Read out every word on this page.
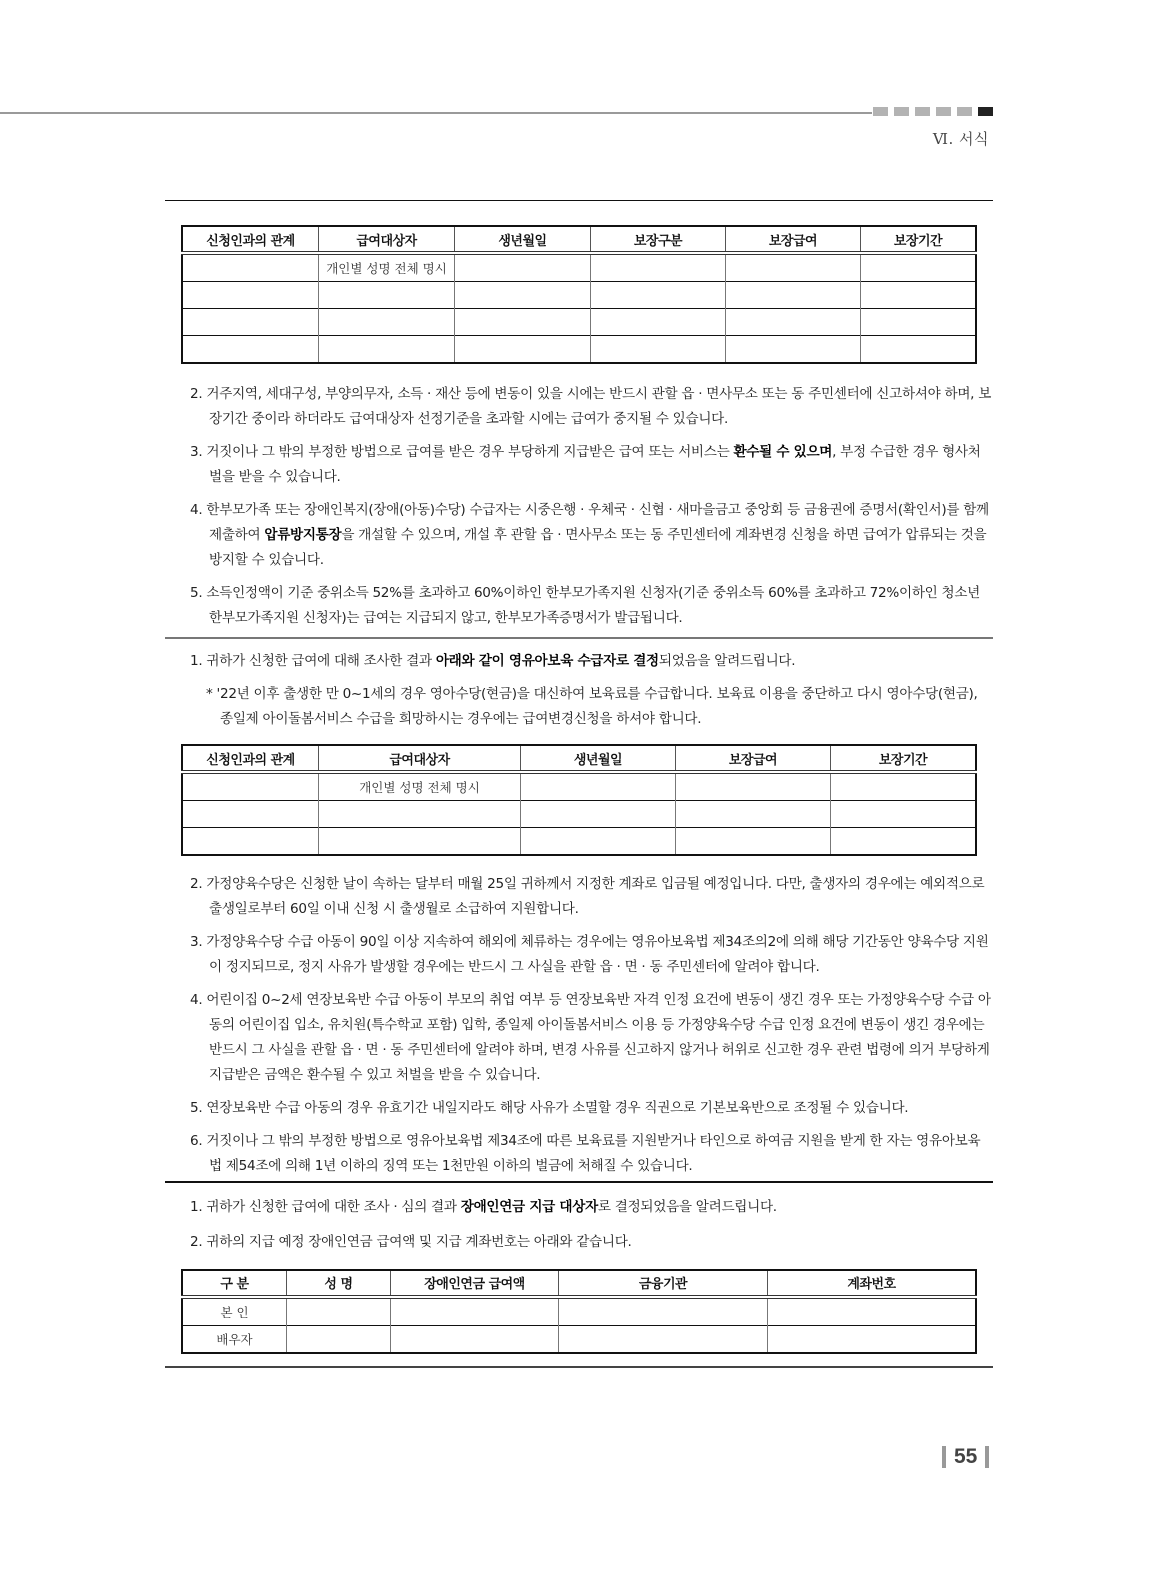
Ⅵ. 서식
신청인과의 관계	급여대상자	생년월일	보장구분	보장급여	보장기간
	개인별 성명 전체 명시				

2. 거주지역, 세대구성, 부양의무자, 소득 · 재산 등에 변동이 있을 시에는 반드시 관할 읍 · 면사무소 또는 동 주민센터에 신고하셔야 하며, 보장기간 중이라 하더라도 급여대상자 선정기준을 초과할 시에는 급여가 중지될 수 있습니다.
3. 거짓이나 그 밖의 부정한 방법으로 급여를 받은 경우 부당하게 지급받은 급여 또는 서비스는 환수될 수 있으며, 부정 수급한 경우 형사처벌을 받을 수 있습니다.
4. 한부모가족 또는 장애인복지(장애(아동)수당) 수급자는 시중은행 · 우체국 · 신협 · 새마을금고 중앙회 등 금융권에 증명서(확인서)를 함께 제출하여 압류방지통장을 개설할 수 있으며, 개설 후 관할 읍 · 면사무소 또는 동 주민센터에 계좌변경 신청을 하면 급여가 압류되는 것을 방지할 수 있습니다.
5. 소득인정액이 기준 중위소득 52%를 초과하고 60%이하인 한부모가족지원 신청자(기준 중위소득 60%를 초과하고 72%이하인 청소년 한부모가족지원 신청자)는 급여는 지급되지 않고, 한부모가족증명서가 발급됩니다.
1. 귀하가 신청한 급여에 대해 조사한 결과 아래와 같이 영유아보육 수급자로 결정되었음을 알려드립니다.
* '22년 이후 출생한 만 0~1세의 경우 영아수당(현금)을 대신하여 보육료를 수급합니다. 보육료 이용을 중단하고 다시 영아수당(현금), 종일제 아이돌봄서비스 수급을 희망하시는 경우에는 급여변경신청을 하셔야 합니다.
신청인과의 관계	급여대상자	생년월일	보장급여	보장기간
	개인별 성명 전체 명시			

2. 가정양육수당은 신청한 날이 속하는 달부터 매월 25일 귀하께서 지정한 계좌로 입금될 예정입니다. 다만, 출생자의 경우에는 예외적으로 출생일로부터 60일 이내 신청 시 출생월로 소급하여 지원합니다.
3. 가정양육수당 수급 아동이 90일 이상 지속하여 해외에 체류하는 경우에는 영유아보육법 제34조의2에 의해 해당 기간동안 양육수당 지원이 정지되므로, 정지 사유가 발생할 경우에는 반드시 그 사실을 관할 읍 · 면 · 동 주민센터에 알려야 합니다.
4. 어린이집 0~2세 연장보육반 수급 아동이 부모의 취업 여부 등 연장보육반 자격 인정 요건에 변동이 생긴 경우 또는 가정양육수당 수급 아동의 어린이집 입소, 유치원(특수학교 포함) 입학, 종일제 아이돌봄서비스 이용 등 가정양육수당 수급 인정 요건에 변동이 생긴 경우에는 반드시 그 사실을 관할 읍 · 면 · 동 주민센터에 알려야 하며, 변경 사유를 신고하지 않거나 허위로 신고한 경우 관련 법령에 의거 부당하게 지급받은 금액은 환수될 수 있고 처벌을 받을 수 있습니다.
5. 연장보육반 수급 아동의 경우 유효기간 내일지라도 해당 사유가 소멸할 경우 직권으로 기본보육반으로 조정될 수 있습니다.
6. 거짓이나 그 밖의 부정한 방법으로 영유아보육법 제34조에 따른 보육료를 지원받거나 타인으로 하여금 지원을 받게 한 자는 영유아보육법 제54조에 의해 1년 이하의 징역 또는 1천만원 이하의 벌금에 처해질 수 있습니다.
1. 귀하가 신청한 급여에 대한 조사 · 심의 결과 장애인연금 지급 대상자로 결정되었음을 알려드립니다.
2. 귀하의 지급 예정 장애인연금 급여액 및 지급 계좌번호는 아래와 같습니다.
구 분	성 명	장애인연금 급여액	금융기관	계좌번호
본 인				
배우자				
55
